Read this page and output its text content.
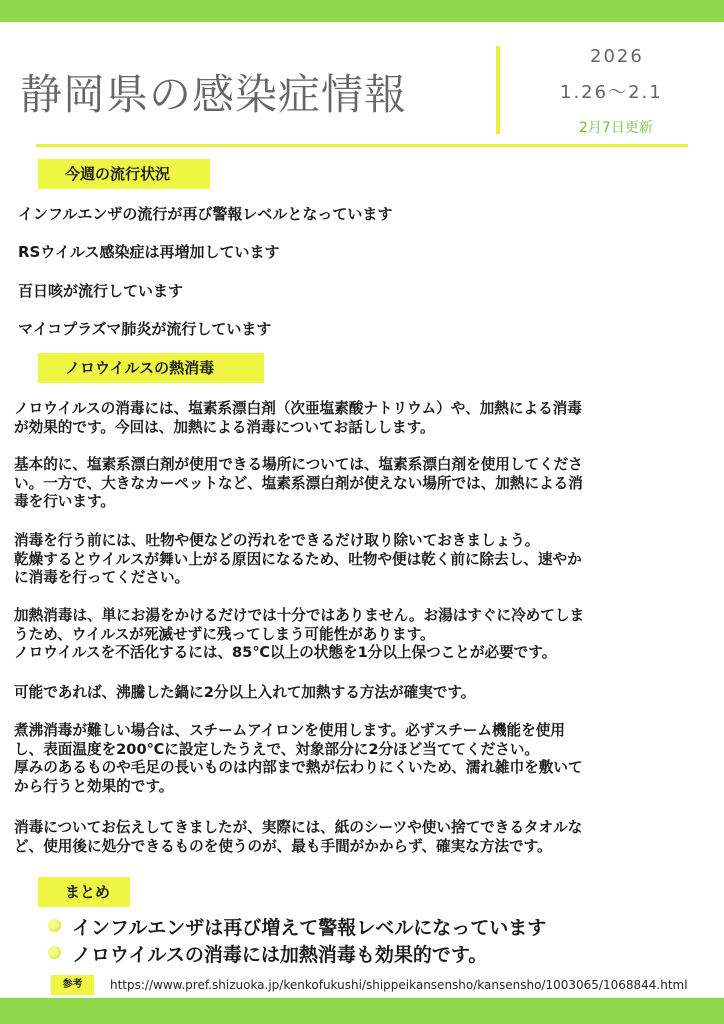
静岡県の感染症情報
2026
1.26～2.1
2月7日更新
今週の流行状況
インフルエンザの流行が再び警報レベルとなっています
RSウイルス感染症は再増加しています
百日咳が流行しています
マイコプラズマ肺炎が流行しています
ノロウイルスの熱消毒
ノロウイルスの消毒には、塩素系漂白剤（次亜塩素酸ナトリウム）や、加熱による消毒
が効果的です。今回は、加熱による消毒についてお話しします。
基本的に、塩素系漂白剤が使用できる場所については、塩素系漂白剤を使用してくださ
い。一方で、大きなカーペットなど、塩素系漂白剤が使えない場所では、加熱による消
毒を行います。
消毒を行う前には、吐物や便などの汚れをできるだけ取り除いておきましょう。
乾燥するとウイルスが舞い上がる原因になるため、吐物や便は乾く前に除去し、速やか
に消毒を行ってください。
加熱消毒は、単にお湯をかけるだけでは十分ではありません。お湯はすぐに冷めてしま
うため、ウイルスが死滅せずに残ってしまう可能性があります。
ノロウイルスを不活化するには、85℃以上の状態を1分以上保つことが必要です。
可能であれば、沸騰した鍋に2分以上入れて加熱する方法が確実です。
煮沸消毒が難しい場合は、スチームアイロンを使用します。必ずスチーム機能を使用
し、表面温度を200℃に設定したうえで、対象部分に2分ほど当ててください。
厚みのあるものや毛足の長いものは内部まで熱が伝わりにくいため、濡れ雑巾を敷いて
から行うと効果的です。
消毒についてお伝えしてきましたが、実際には、紙のシーツや使い捨てできるタオルな
ど、使用後に処分できるものを使うのが、最も手間がかからず、確実な方法です。
まとめ
インフルエンザは再び増えて警報レベルになっています
ノロウイルスの消毒には加熱消毒も効果的です。
参考	https://www.pref.shizuoka.jp/kenkofukushi/shippeikansensho/kansensho/1003065/1068844.html
